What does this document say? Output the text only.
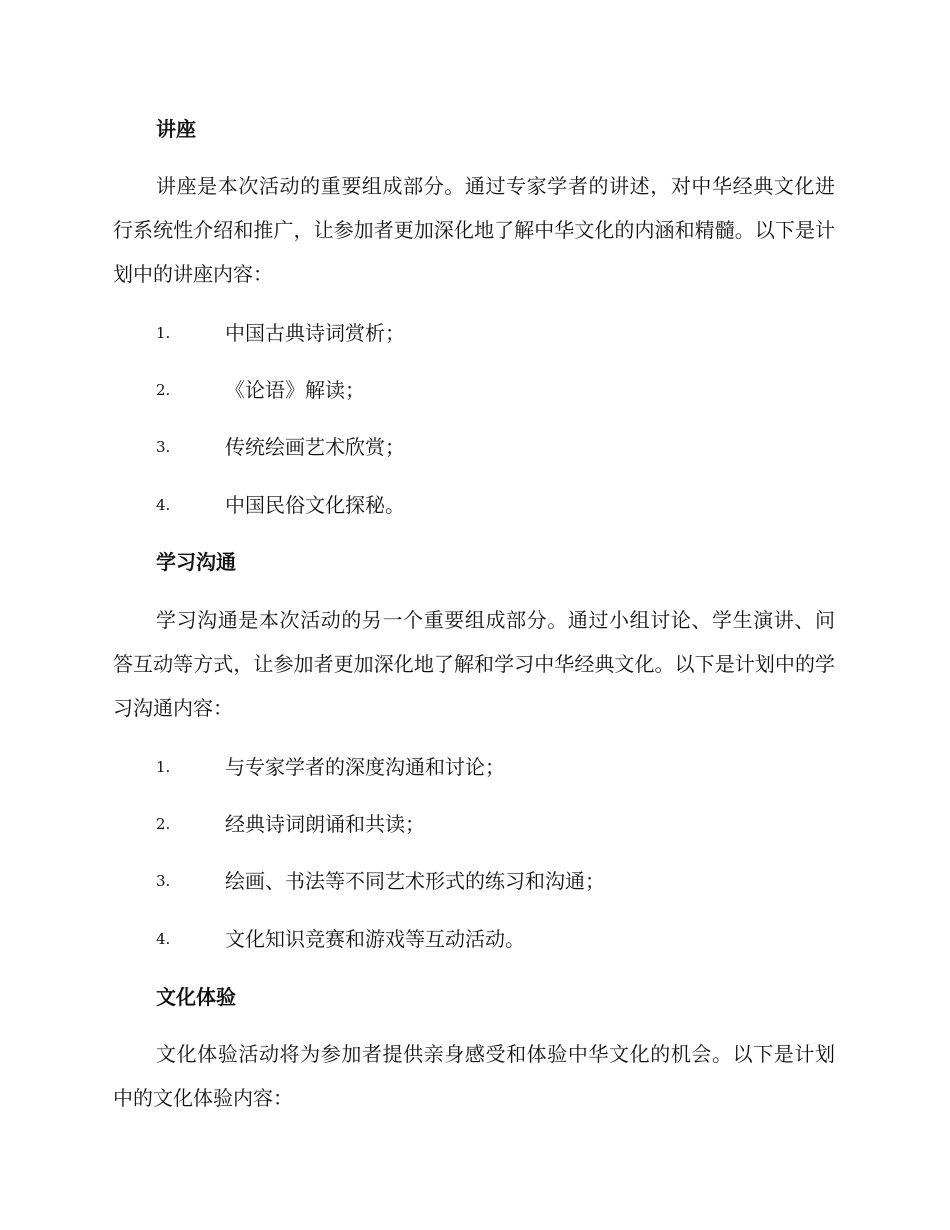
讲座

讲座是本次活动的重要组成部分。通过专家学者的讲述，对中华经典文化进行系统性介绍和推广，让参加者更加深化地了解中华文化的内涵和精髓。以下是计划中的讲座内容：

1.	中国古典诗词赏析；
2.	《论语》解读；
3.	传统绘画艺术欣赏；
4.	中国民俗文化探秘。
学习沟通

学习沟通是本次活动的另一个重要组成部分。通过小组讨论、学生演讲、问答互动等方式，让参加者更加深化地了解和学习中华经典文化。以下是计划中的学习沟通内容：

1.	与专家学者的深度沟通和讨论；
2.	经典诗词朗诵和共读；
3.	绘画、书法等不同艺术形式的练习和沟通；
4.	文化知识竞赛和游戏等互动活动。
文化体验

文化体验活动将为参加者提供亲身感受和体验中华文化的机会。以下是计划中的文化体验内容：
